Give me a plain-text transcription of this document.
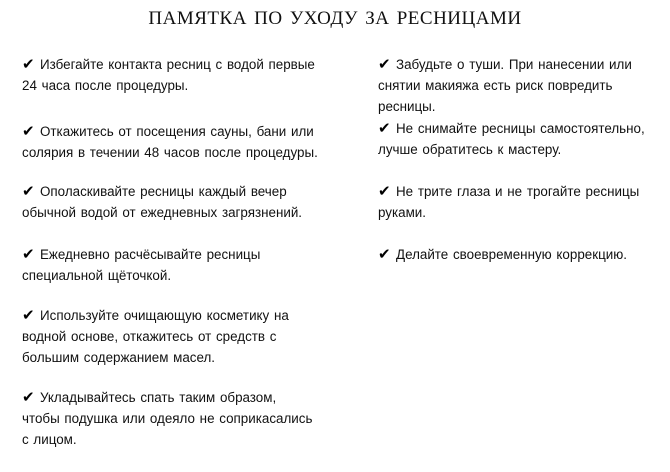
памятка по уходу за ресницами
✔ Избегайте контакта ресниц с водой первые
24 часа после процедуры.
✔ Откажитесь от посещения сауны, бани или
солярия в течении 48 часов после процедуры.
✔ Ополаскивайте ресницы каждый вечер
обычной водой от ежедневных загрязнений.
✔ Ежедневно расчёсывайте ресницы
специальной щёточкой.
✔ Используйте очищающую косметику на
водной основе, откажитесь от средств с
большим содержанием масел.
✔ Укладывайтесь спать таким образом,
чтобы подушка или одеяло не соприкасались
с лицом.
✔ Забудьте о туши. При нанесении или
снятии макияжа есть риск повредить
ресницы.
✔ Не снимайте ресницы самостоятельно,
лучше обратитесь к мастеру.
✔ Не трите глаза и не трогайте ресницы
руками.
✔ Делайте своевременную коррекцию.
